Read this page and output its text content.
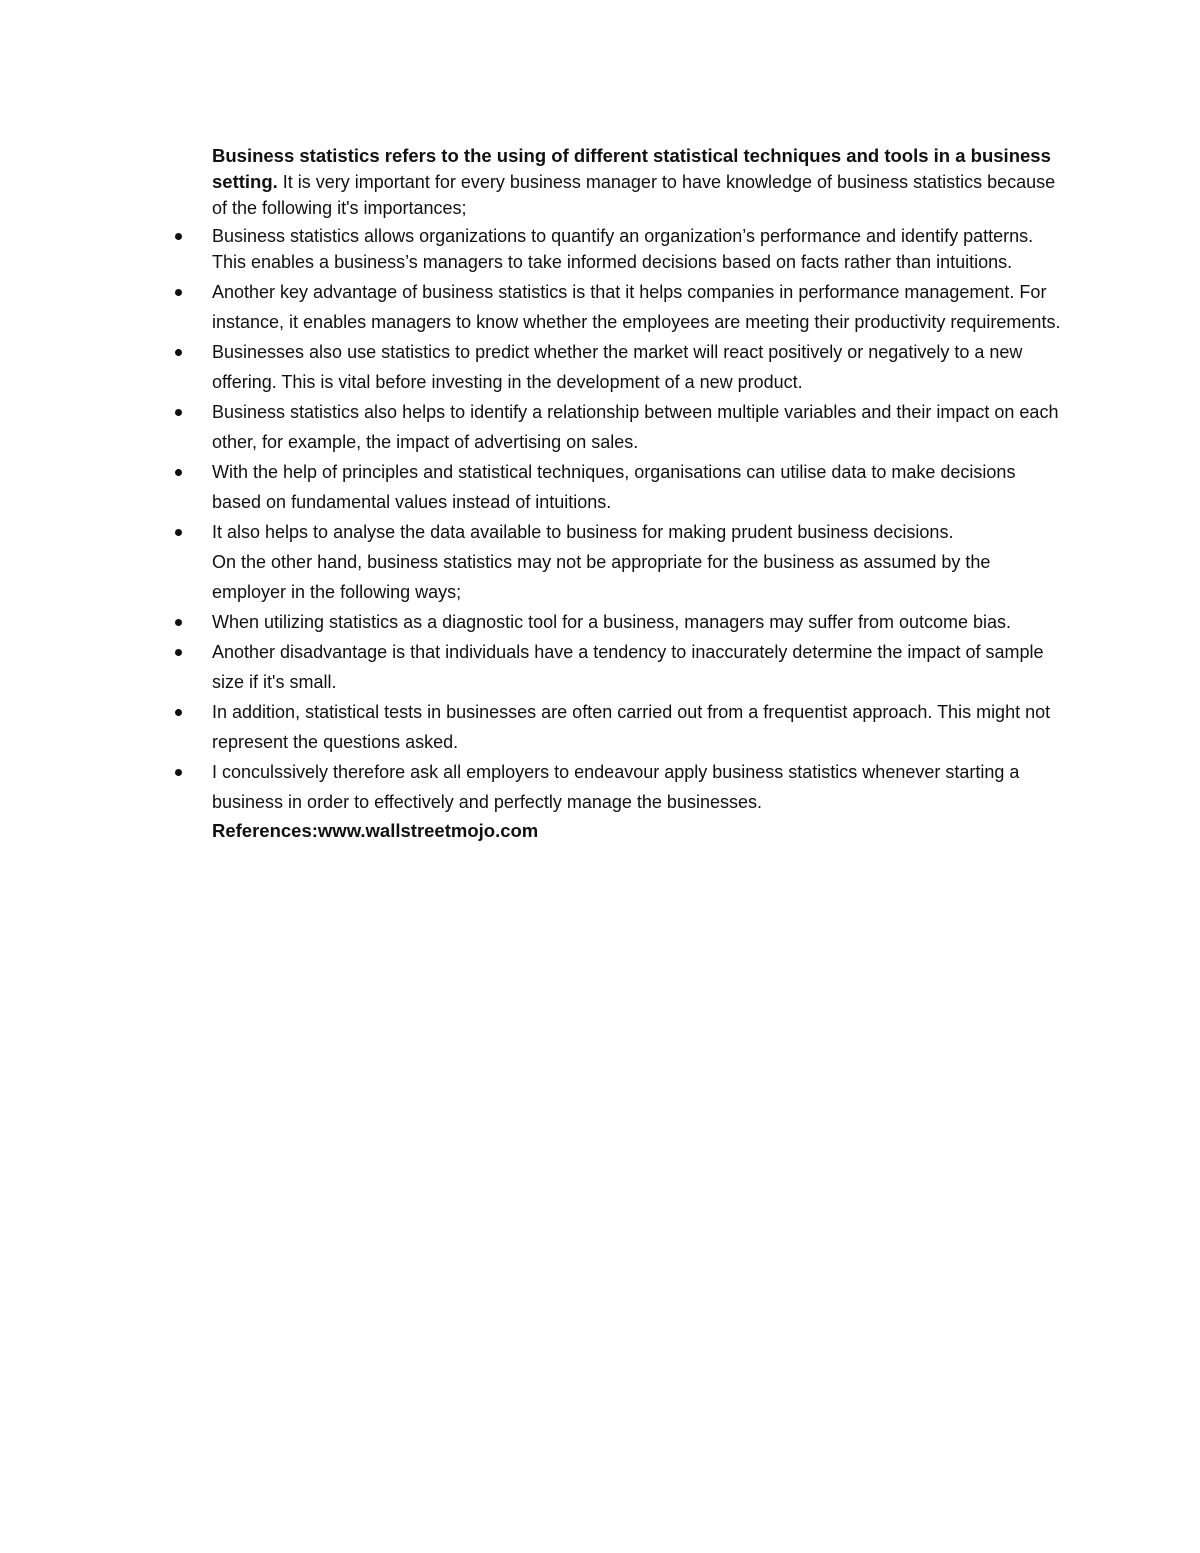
Business statistics refers to the using of different statistical techniques and tools in a business setting. It is very important for every business manager to have knowledge of business statistics because of the following it's importances;

Business statistics allows organizations to quantify an organization’s performance and identify patterns. This enables a business’s managers to take informed decisions based on facts rather than intuitions.
Another key advantage of business statistics is that it helps companies in performance management. For instance, it enables managers to know whether the employees are meeting their productivity requirements.
Businesses also use statistics to predict whether the market will react positively or negatively to a new offering. This is vital before investing in the development of a new product.
Business statistics also helps to identify a relationship between multiple variables and their impact on each other, for example, the impact of advertising on sales.
With the help of principles and statistical techniques, organisations can utilise data to make decisions based on fundamental values instead of intuitions.
It also helps to analyse the data available to business for making prudent business decisions.
On the other hand, business statistics may not be appropriate for the business as assumed by the employer in the following ways;
When utilizing statistics as a diagnostic tool for a business, managers may suffer from outcome bias.
Another disadvantage is that individuals have a tendency to inaccurately determine the impact of sample size if it's small.
In addition, statistical tests in businesses are often carried out from a frequentist approach. This might not represent the questions asked.
I conculssively therefore ask all employers to endeavour apply business statistics whenever starting a business in order to effectively and perfectly manage the businesses.

References:www.wallstreetmojo.com
